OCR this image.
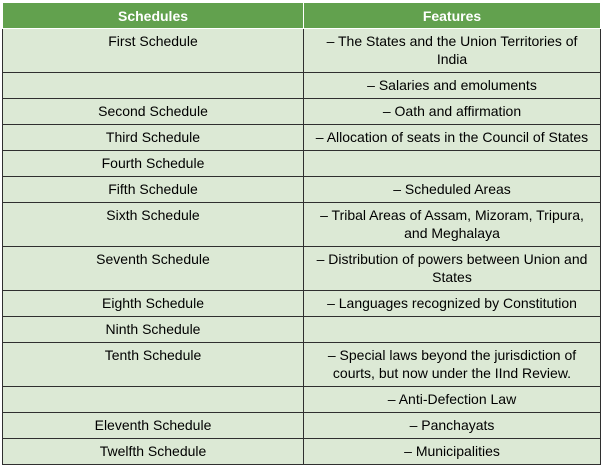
Schedules	Features
First Schedule	– The States and the Union Territories of India
	– Salaries and emoluments
Second Schedule	– Oath and affirmation
Third Schedule	– Allocation of seats in the Council of States
Fourth Schedule	
Fifth Schedule	– Scheduled Areas
Sixth Schedule	– Tribal Areas of Assam, Mizoram, Tripura, and Meghalaya
Seventh Schedule	– Distribution of powers between Union and States
Eighth Schedule	– Languages recognized by Constitution
Ninth Schedule	
Tenth Schedule	– Special laws beyond the jurisdiction of courts, but now under the IInd Review.
	– Anti-Defection Law
Eleventh Schedule	– Panchayats
Twelfth Schedule	– Municipalities
